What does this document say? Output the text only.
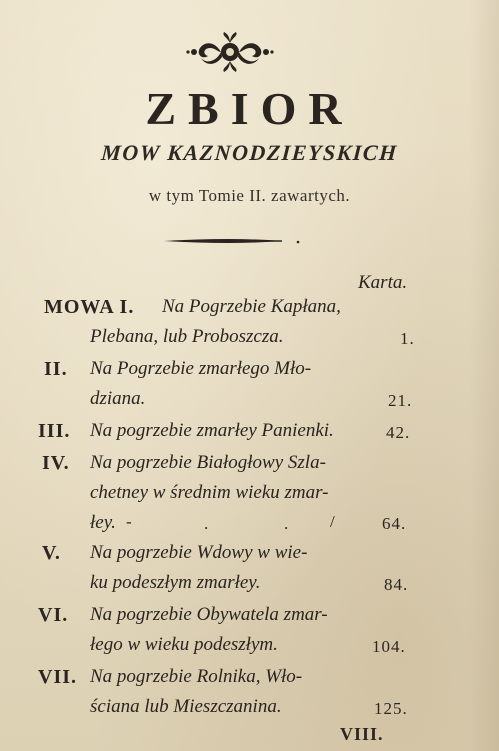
ZBIOR
MOW KAZNODZIEYSKICH
w tym Tomie II. zawartych.
Karta.
MOWA I. Na Pogrzebie Kapłana,
Plebana, lub Proboszcza.	1.
II. Na Pogrzebie zmarłego Mło-
dziana.	21.
III. Na pogrzebie zmarłey Panienki.	42.
IV. Na pogrzebie Białogłowy Szla-
chetney w średnim wieku zmar-
łey. -	.	. /	64.
V. Na pogrzebie Wdowy w wie-
ku podeszłym zmarłey.	84.
VI. Na pogrzebie Obywatela zmar-
łego w wieku podeszłym.	104.
VII. Na pogrzebie Rolnika, Wło-
ściana lub Mieszczanina.	125.
VIII.
